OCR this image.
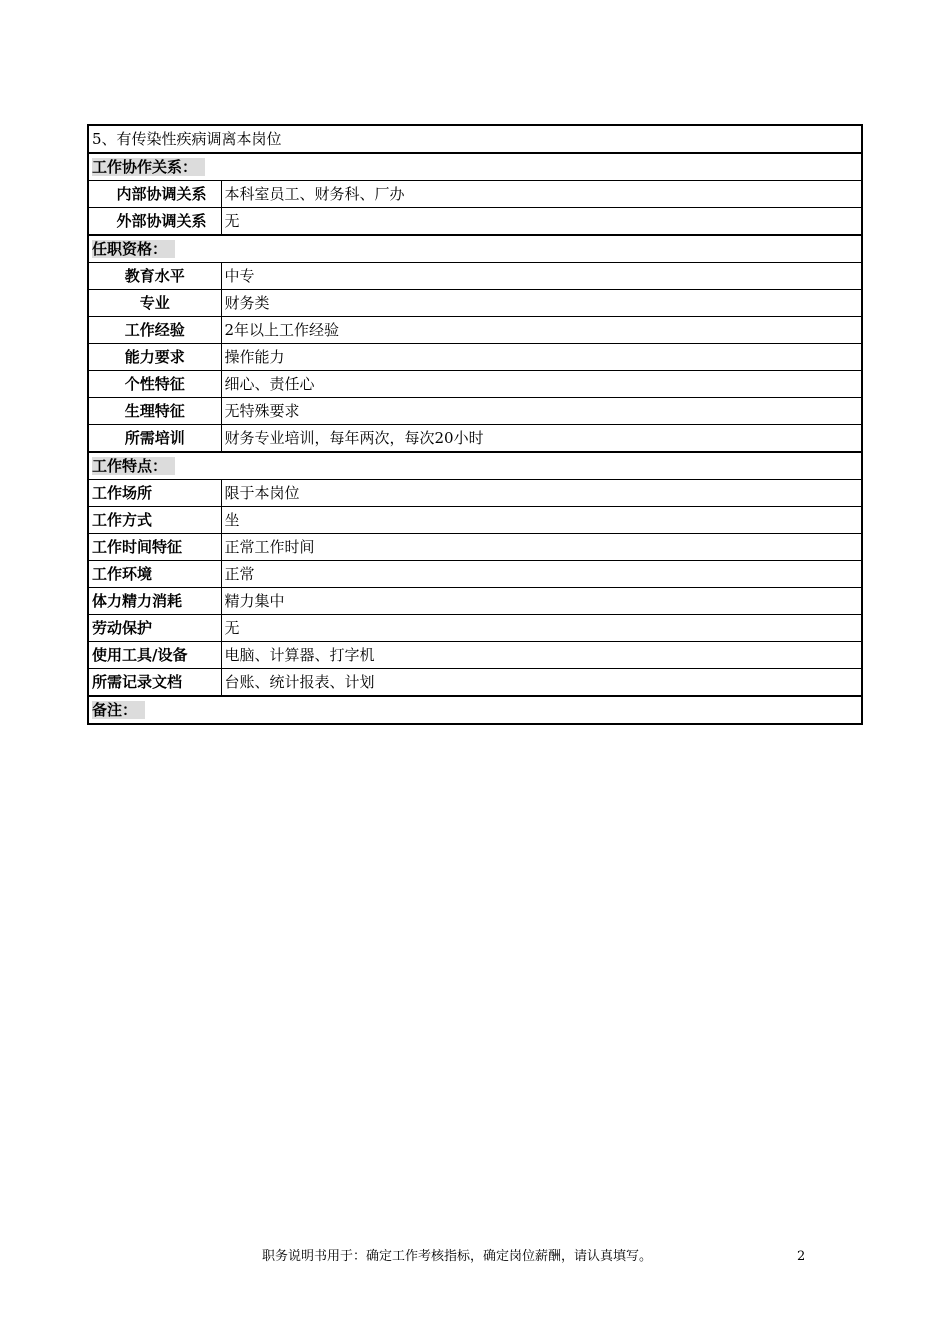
5、有传染性疾病调离本岗位	
工作协作关系：	
内部协调关系	本科室员工、财务科、厂办
外部协调关系	无
任职资格：	
教育水平	中专
专业	财务类
工作经验	2年以上工作经验
能力要求	操作能力
个性特征	细心、责任心
生理特征	无特殊要求
所需培训	财务专业培训，每年两次，每次20小时
工作特点：	
工作场所	限于本岗位
工作方式	坐
工作时间特征	正常工作时间
工作环境	正常
体力精力消耗	精力集中
劳动保护	无
使用工具/设备	电脑、计算器、打字机
所需记录文档	台账、统计报表、计划
备注：	
职务说明书用于：确定工作考核指标，确定岗位薪酬，请认真填写。	2
